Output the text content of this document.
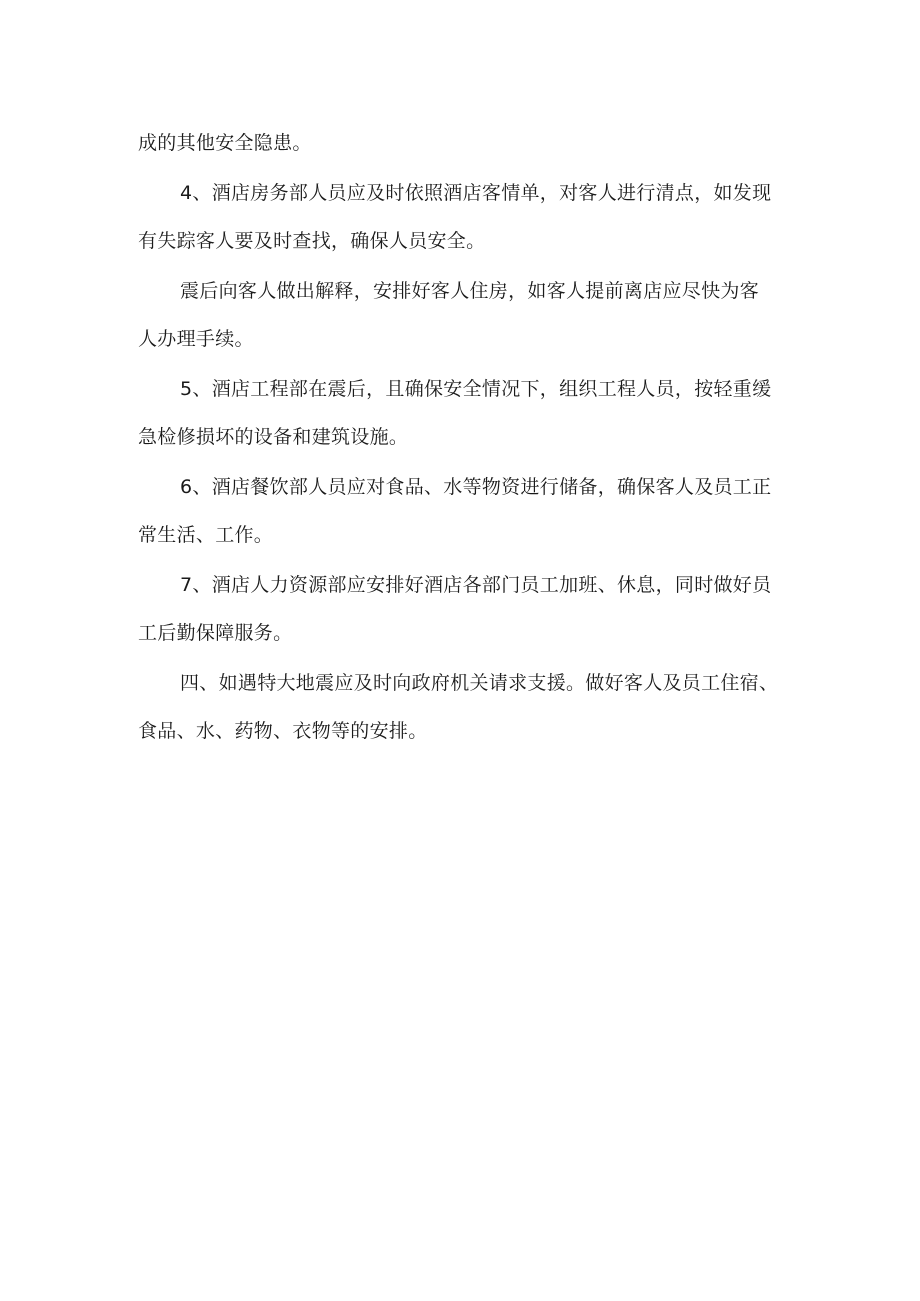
成的其他安全隐患。
4、酒店房务部人员应及时依照酒店客情单，对客人进行清点，如发现
有失踪客人要及时查找，确保人员安全。
震后向客人做出解释，安排好客人住房，如客人提前离店应尽快为客
人办理手续。
5、酒店工程部在震后，且确保安全情况下，组织工程人员，按轻重缓
急检修损坏的设备和建筑设施。
6、酒店餐饮部人员应对食品、水等物资进行储备，确保客人及员工正
常生活、工作。
7、酒店人力资源部应安排好酒店各部门员工加班、休息，同时做好员
工后勤保障服务。
四、如遇特大地震应及时向政府机关请求支援。做好客人及员工住宿、
食品、水、药物、衣物等的安排。
